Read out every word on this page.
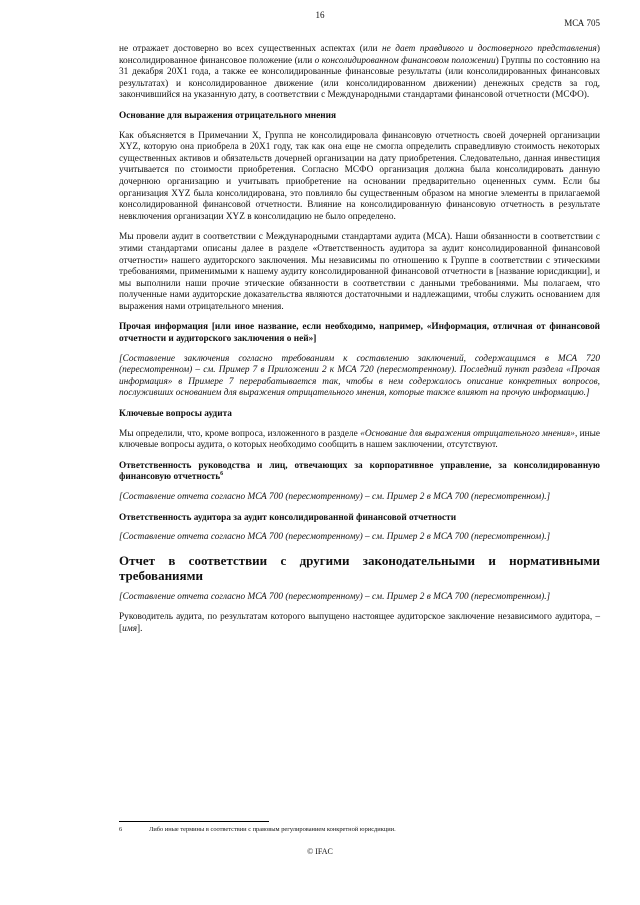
16
МСА 705

не отражает достоверно во всех существенных аспектах (или не дает правдивого и достоверного представления) консолидированное финансовое положение (или о консолидированном финансовом положении) Группы по состоянию на 31 декабря 20X1 года, а также ее консолидированные финансовые результаты (или консолидированных финансовых результатах) и консолидированное движение (или консолидированном движении) денежных средств за год, закончившийся на указанную дату, в соответствии с Международными стандартами финансовой отчетности (МСФО).

Основание для выражения отрицательного мнения

Как объясняется в Примечании X, Группа не консолидировала финансовую отчетность своей дочерней организации XYZ, которую она приобрела в 20X1 году, так как она еще не смогла определить справедливую стоимость некоторых существенных активов и обязательств дочерней организации на дату приобретения. Следовательно, данная инвестиция учитывается по стоимости приобретения. Согласно МСФО организация должна была консолидировать данную дочернюю организацию и учитывать приобретение на основании предварительно оцененных сумм. Если бы организация XYZ была консолидирована, это повлияло бы существенным образом на многие элементы в прилагаемой консолидированной финансовой отчетности. Влияние на консолидированную финансовую отчетность в результате невключения организации XYZ в консолидацию не было определено.

Мы провели аудит в соответствии с Международными стандартами аудита (МСА). Наши обязанности в соответствии с этими стандартами описаны далее в разделе «Ответственность аудитора за аудит консолидированной финансовой отчетности» нашего аудиторского заключения. Мы независимы по отношению к Группе в соответствии с этическими требованиями, применимыми к нашему аудиту консолидированной финансовой отчетности в [название юрисдикции], и мы выполнили наши прочие этические обязанности в соответствии с данными требованиями. Мы полагаем, что полученные нами аудиторские доказательства являются достаточными и надлежащими, чтобы служить основанием для выражения нами отрицательного мнения.

Прочая информация [или иное название, если необходимо, например, «Информация, отличная от финансовой отчетности и аудиторского заключения о ней»]

[Составление заключения согласно требованиям к составлению заключений, содержащимся в МСА 720 (пересмотренном) – см. Пример 7 в Приложении 2 к МСА 720 (пересмотренному). Последний пункт раздела «Прочая информация» в Примере 7 перерабатывается так, чтобы в нем содержалось описание конкретных вопросов, послуживших основанием для выражения отрицательного мнения, которые также влияют на прочую информацию.]

Ключевые вопросы аудита

Мы определили, что, кроме вопроса, изложенного в разделе «Основание для выражения отрицательного мнения», иные ключевые вопросы аудита, о которых необходимо сообщить в нашем заключении, отсутствуют.

Ответственность руководства и лиц, отвечающих за корпоративное управление, за консолидированную финансовую отчетность$^6$

[Составление отчета согласно МСА 700 (пересмотренному) – см. Пример 2 в МСА 700 (пересмотренном).]

Ответственность аудитора за аудит консолидированной финансовой отчетности

[Составление отчета согласно МСА 700 (пересмотренному) – см. Пример 2 в МСА 700 (пересмотренном).]

Отчет в соответствии с другими законодательными и нормативными требованиями

[Составление отчета согласно МСА 700 (пересмотренному) – см. Пример 2 в МСА 700 (пересмотренном).]

Руководитель аудита, по результатам которого выпущено настоящее аудиторское заключение независимого аудитора, – [имя].

6	Либо иные термины в соответствии с правовым регулированием конкретной юрисдикции.
© IFAC
